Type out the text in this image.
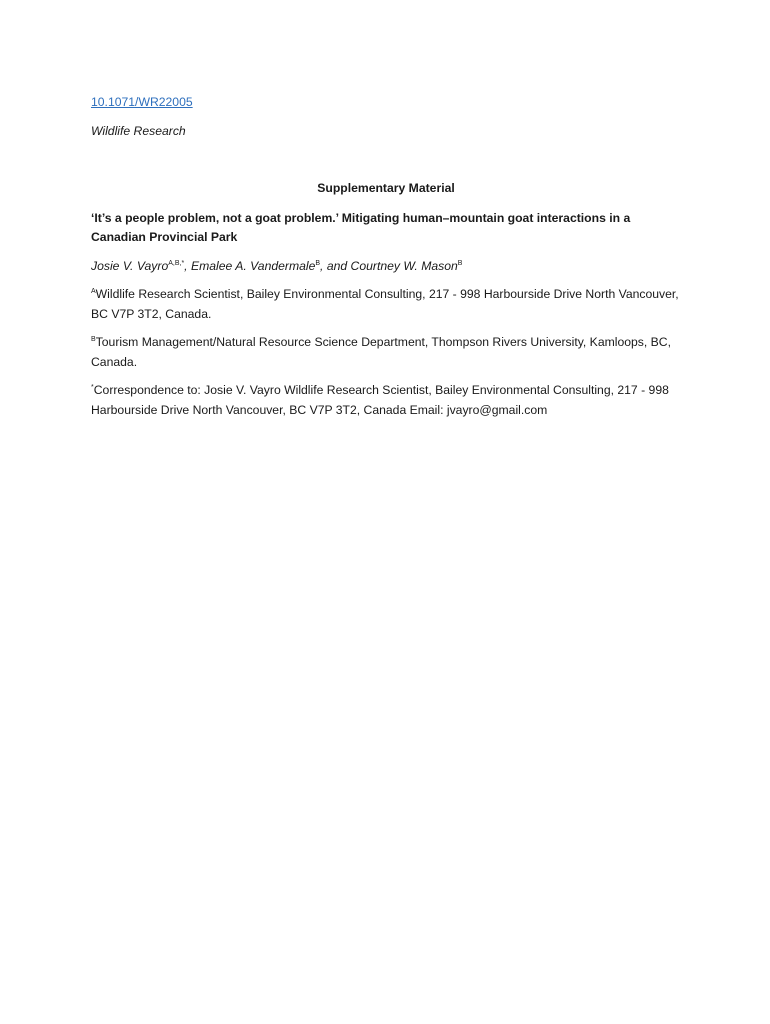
10.1071/WR22005
Wildlife Research
Supplementary Material
‘It’s a people problem, not a goat problem.’ Mitigating human–mountain goat interactions in a Canadian Provincial Park
Josie V. Vayro$^{A,B,*}$, Emalee A. Vandermale$^B$, and Courtney W. Mason$^B$
$^A$Wildlife Research Scientist, Bailey Environmental Consulting, 217 - 998 Harbourside Drive North Vancouver, BC V7P 3T2, Canada.
$^B$Tourism Management/Natural Resource Science Department, Thompson Rivers University, Kamloops, BC, Canada.
*Correspondence to: Josie V. Vayro Wildlife Research Scientist, Bailey Environmental Consulting, 217 - 998 Harbourside Drive North Vancouver, BC V7P 3T2, Canada Email: jvayro@gmail.com
